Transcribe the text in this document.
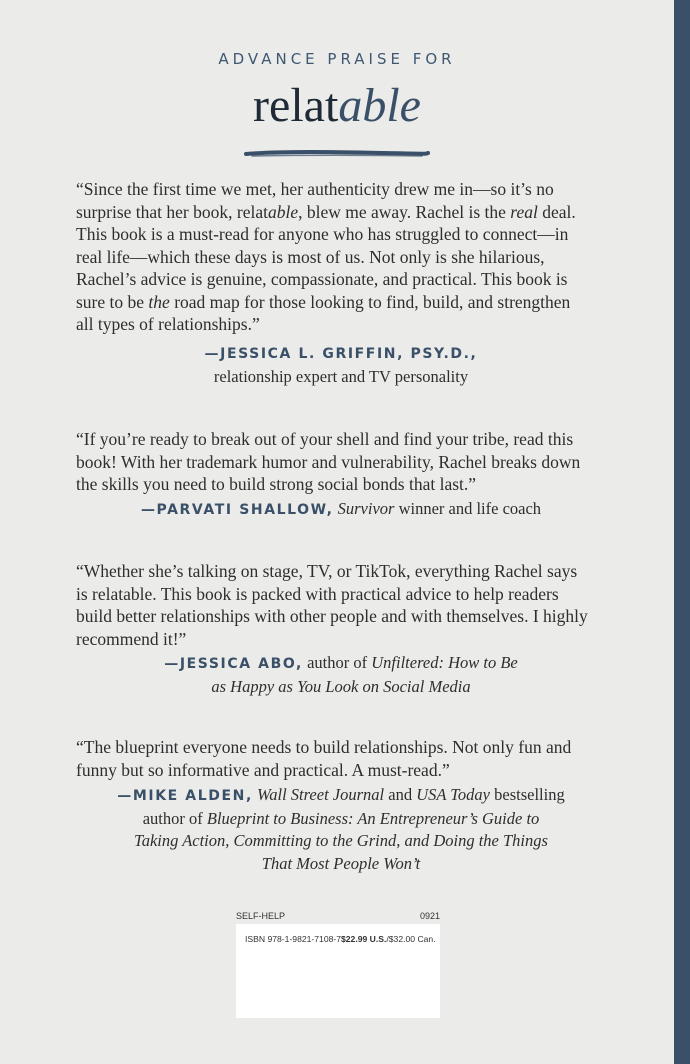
ADVANCE PRAISE FOR
relatable
“Since the first time we met, her authenticity drew me in—so it’s no
surprise that her book, relatable, blew me away. Rachel is the real deal.
This book is a must-read for anyone who has struggled to connect—in
real life—which these days is most of us. Not only is she hilarious,
Rachel’s advice is genuine, compassionate, and practical. This book is
sure to be the road map for those looking to find, build, and strengthen
all types of relationships.”
—JESSICA L. GRIFFIN, PSY.D.,
relationship expert and TV personality
“If you’re ready to break out of your shell and find your tribe, read this
book! With her trademark humor and vulnerability, Rachel breaks down
the skills you need to build strong social bonds that last.”
—PARVATI SHALLOW, Survivor winner and life coach
“Whether she’s talking on stage, TV, or TikTok, everything Rachel says
is relatable. This book is packed with practical advice to help readers
build better relationships with other people and with themselves. I highly
recommend it!”
—JESSICA ABO, author of Unfiltered: How to Be
as Happy as You Look on Social Media
“The blueprint everyone needs to build relationships. Not only fun and
funny but so informative and practical. A must-read.”
—MIKE ALDEN, Wall Street Journal and USA Today bestselling
author of Blueprint to Business: An Entrepreneur’s Guide to
Taking Action, Committing to the Grind, and Doing the Things
That Most People Won’t
SELF-HELP	0921
ISBN 978-1-9821-7108-7 $22.99 U.S./$32.00 Can.
